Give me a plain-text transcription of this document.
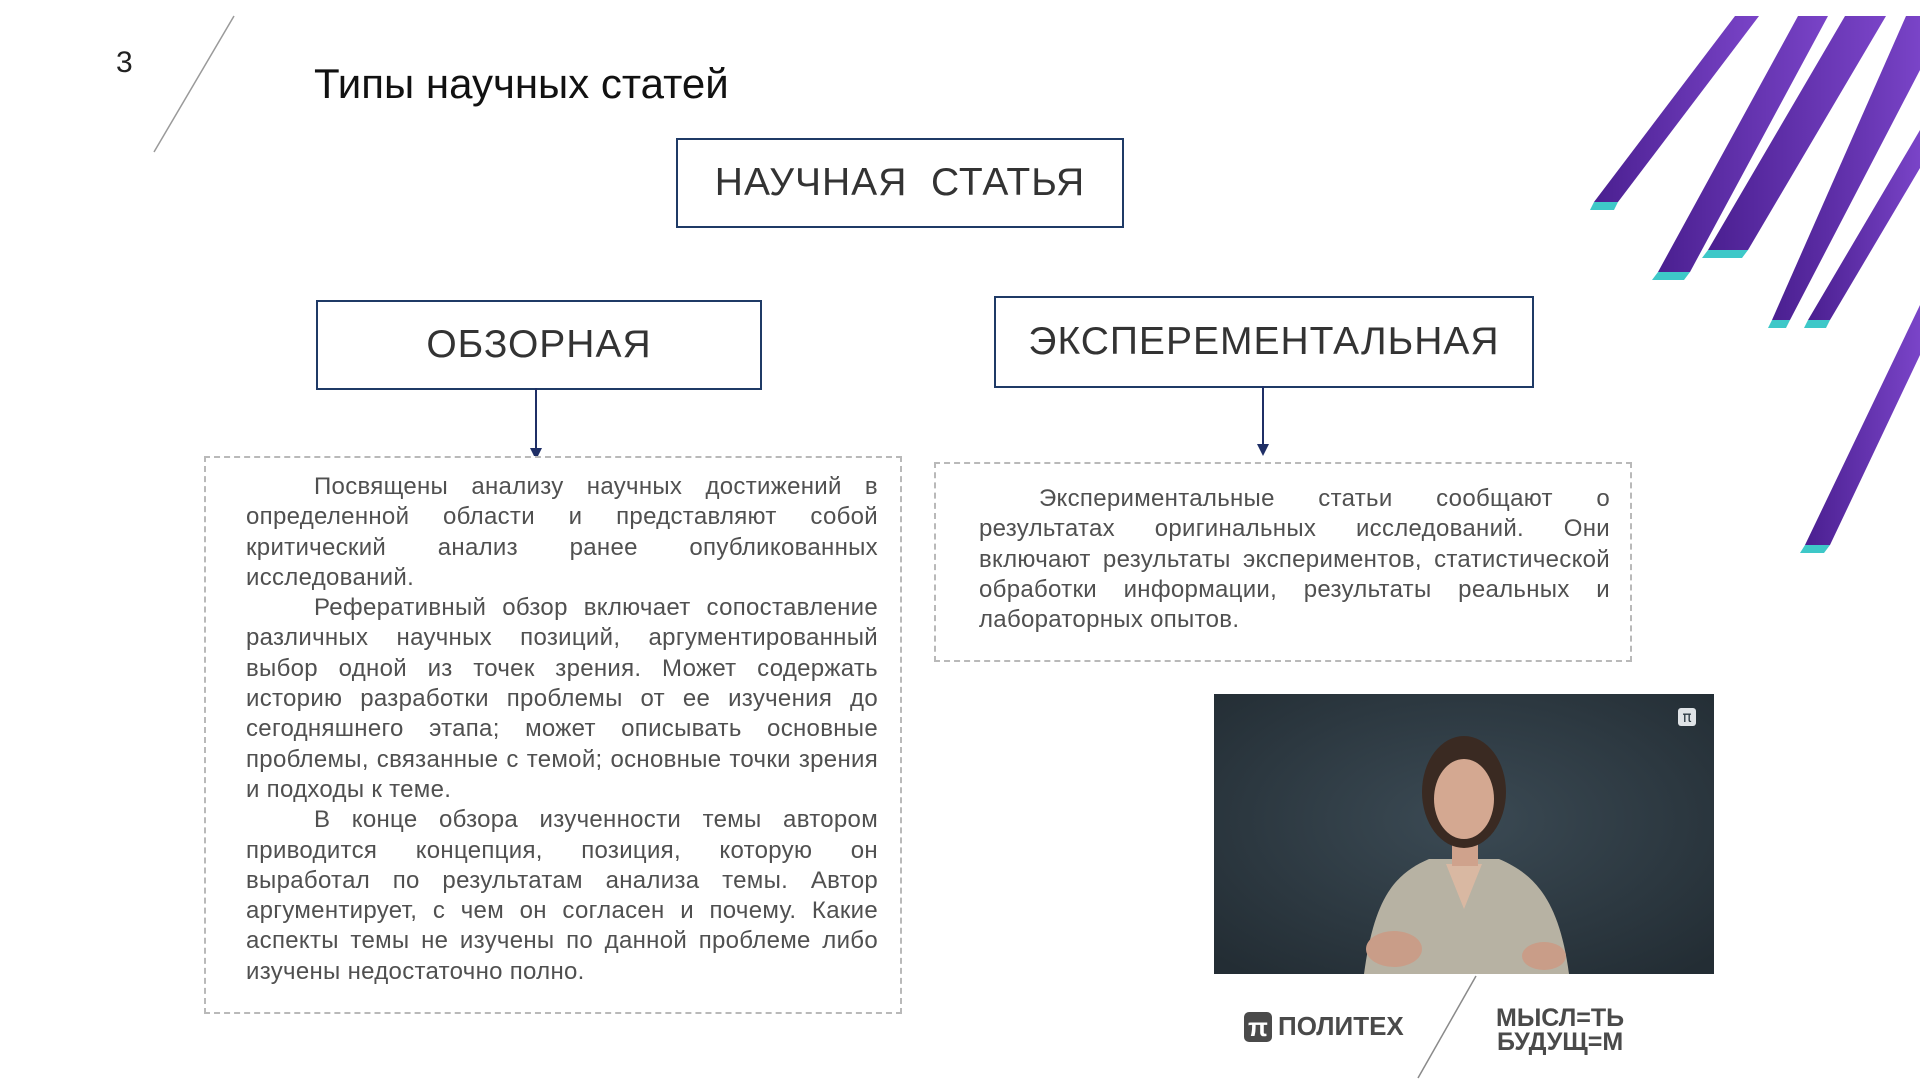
3	Типы научных статей
НАУЧНАЯ  СТАТЬЯ
ОБЗОРНАЯ	ЭКСПЕРЕМЕНТАЛЬНАЯ

Посвящены анализу научных достижений в определенной области и представляют собой критический анализ ранее опубликованных исследований.

Реферативный обзор включает сопоставление различных научных позиций, аргументированный выбор одной из точек зрения. Может содержать историю разработки проблемы от ее изучения до сегодняшнего этапа; может описывать основные проблемы, связанные с темой; основные точки зрения и подходы к теме.

В конце обзора изученности темы автором приводится концепция, позиция, которую он выработал по результатам анализа темы. Автор аргументирует, с чем он согласен и почему. Какие аспекты темы не изучены по данной проблеме либо изучены недостаточно полно.

Экспериментальные статьи сообщают о результатах оригинальных исследований. Они включают результаты экспериментов, статистической обработки информации, результаты реальных и лабораторных опытов.

π
π ПОЛИТЕХ	МЫСЛ=ТЬ
БУДУЩ=М
